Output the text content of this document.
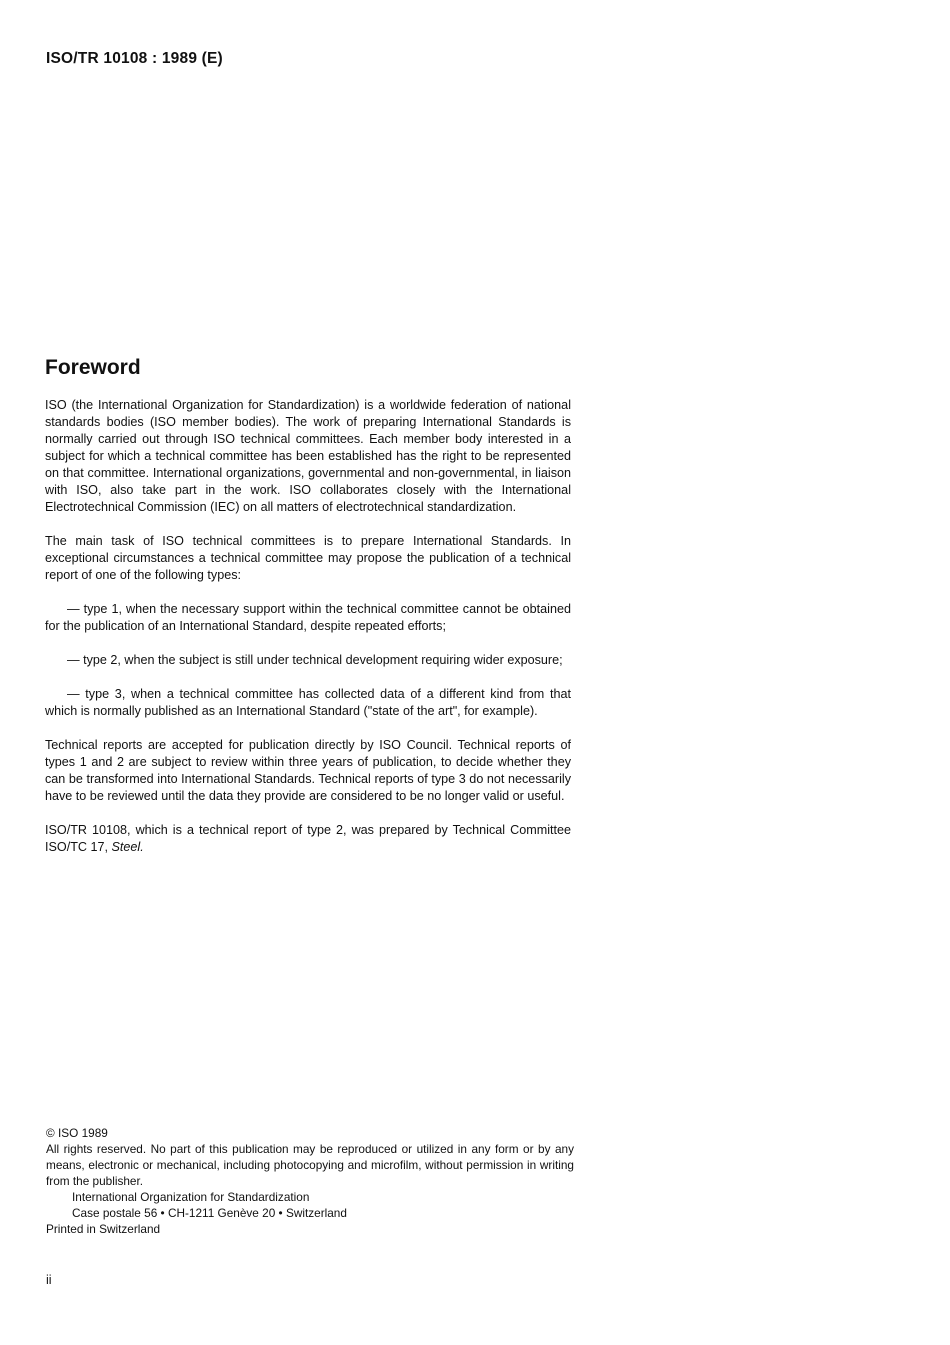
ISO/TR 10108 : 1989 (E)
Foreword

ISO (the International Organization for Standardization) is a worldwide federation of national standards bodies (ISO member bodies). The work of preparing International Standards is normally carried out through ISO technical committees. Each member body interested in a subject for which a technical committee has been established has the right to be represented on that committee. International organizations, governmental and non-governmental, in liaison with ISO, also take part in the work. ISO collaborates closely with the International Electrotechnical Commission (IEC) on all matters of electrotechnical standardization.

The main task of ISO technical committees is to prepare International Standards. In exceptional circumstances a technical committee may propose the publication of a technical report of one of the following types:

— type 1, when the necessary support within the technical committee cannot be obtained for the publication of an International Standard, despite repeated efforts;

— type 2, when the subject is still under technical development requiring wider exposure;

— type 3, when a technical committee has collected data of a different kind from that which is normally published as an International Standard ("state of the art", for example).

Technical reports are accepted for publication directly by ISO Council. Technical reports of types 1 and 2 are subject to review within three years of publication, to decide whether they can be transformed into International Standards. Technical reports of type 3 do not necessarily have to be reviewed until the data they provide are considered to be no longer valid or useful.

ISO/TR 10108, which is a technical report of type 2, was prepared by Technical Committee ISO/TC 17, Steel.

© ISO 1989
All rights reserved. No part of this publication may be reproduced or utilized in any form or by any means, electronic or mechanical, including photocopying and microfilm, without permission in writing from the publisher.
International Organization for Standardization
Case postale 56 • CH-1211 Genève 20 • Switzerland
Printed in Switzerland
ii
